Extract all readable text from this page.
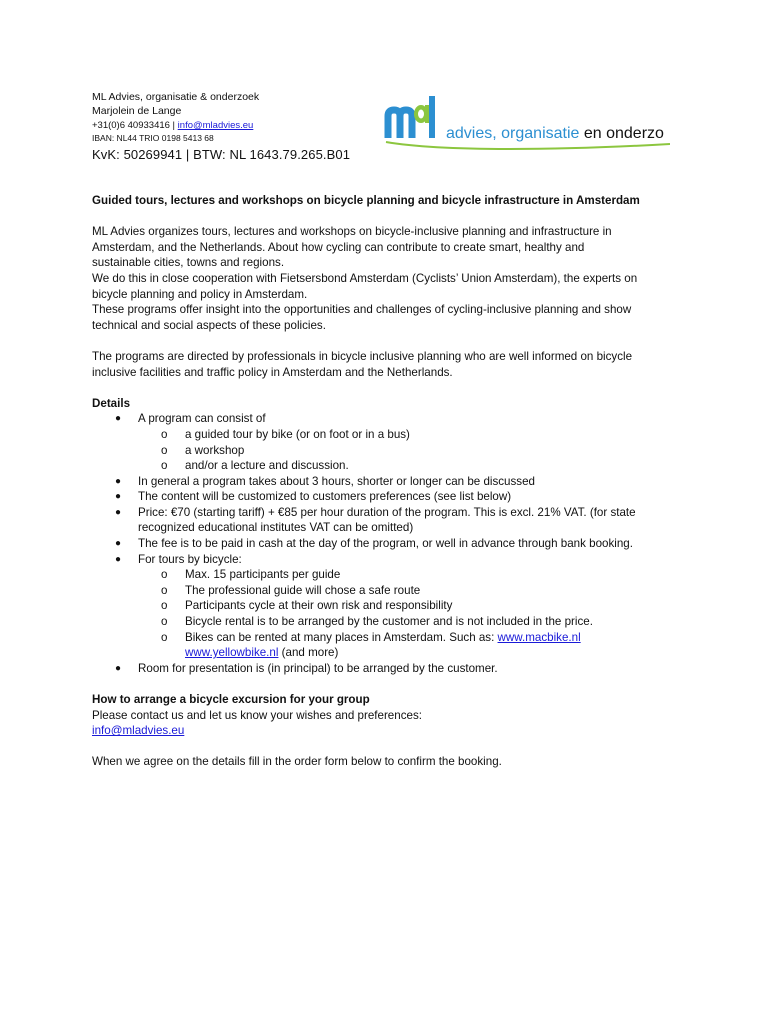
ML Advies, organisatie & onderzoek
Marjolein de Lange
+31(0)6 40933416 | info@mladvies.eu
IBAN: NL44 TRIO 0198 5413 68
KvK: 50269941 | BTW: NL 1643.79.265.B01
advies, organisatie en onderzo

Guided tours, lectures and workshops on bicycle planning and bicycle infrastructure in Amsterdam

ML Advies organizes tours, lectures and workshops on bicycle-inclusive planning and infrastructure in

Amsterdam, and the Netherlands. About how cycling can contribute to create smart, healthy and

sustainable cities, towns and regions.

We do this in close cooperation with Fietsersbond Amsterdam (Cyclists’ Union Amsterdam), the experts on

bicycle planning and policy in Amsterdam.

These programs offer insight into the opportunities and challenges of cycling-inclusive planning and show

technical and social aspects of these policies.

The programs are directed by professionals in bicycle inclusive planning who are well informed on bicycle

inclusive facilities and traffic policy in Amsterdam and the Netherlands.

Details

● A program can consist of
o a guided tour by bike (or on foot or in a bus)
o a workshop
o and/or a lecture and discussion.
● In general a program takes about 3 hours, shorter or longer can be discussed
● The content will be customized to customers preferences (see list below)
● Price: €70 (starting tariff) + €85 per hour duration of the program. This is excl. 21% VAT. (for state
recognized educational institutes VAT can be omitted)
● The fee is to be paid in cash at the day of the program, or well in advance through bank booking.
● For tours by bicycle:
o Max. 15 participants per guide
o The professional guide will chose a safe route
o Participants cycle at their own risk and responsibility
o Bicycle rental is to be arranged by the customer and is not included in the price.
o Bikes can be rented at many places in Amsterdam. Such as: www.macbike.nl
www.yellowbike.nl (and more)
● Room for presentation is (in principal) to be arranged by the customer.

How to arrange a bicycle excursion for your group

Please contact us and let us know your wishes and preferences:

info@mladvies.eu

When we agree on the details fill in the order form below to confirm the booking.
